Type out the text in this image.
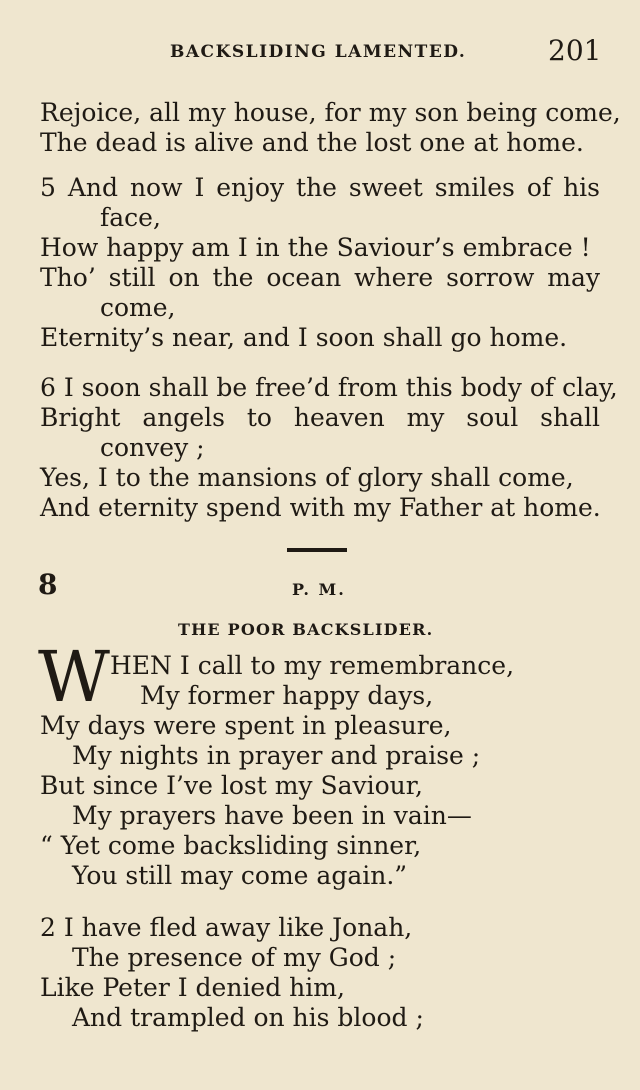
BACKSLIDING LAMENTED.	201
Rejoice, all my house, for my son being come,
The dead is alive and the lost one at home.
5 And now I enjoy the sweet smiles of his
face,
How happy am I in the Saviour’s embrace !
Tho’ still on the ocean where sorrow may
come,
Eternity’s near, and I soon shall go home.
6 I soon shall be free’d from this body of clay,
Bright angels to heaven my soul shall
convey ;
Yes, I to the mansions of glory shall come,
And eternity spend with my Father at home.
8	P. M.
THE POOR BACKSLIDER.
W HEN I call to my remembrance,
My former happy days,
My days were spent in pleasure,
My nights in prayer and praise ;
But since I’ve lost my Saviour,
My prayers have been in vain—
“ Yet come backsliding sinner,
You still may come again.”
2 I have fled away like Jonah,
The presence of my God ;
Like Peter I denied him,
And trampled on his blood ;
